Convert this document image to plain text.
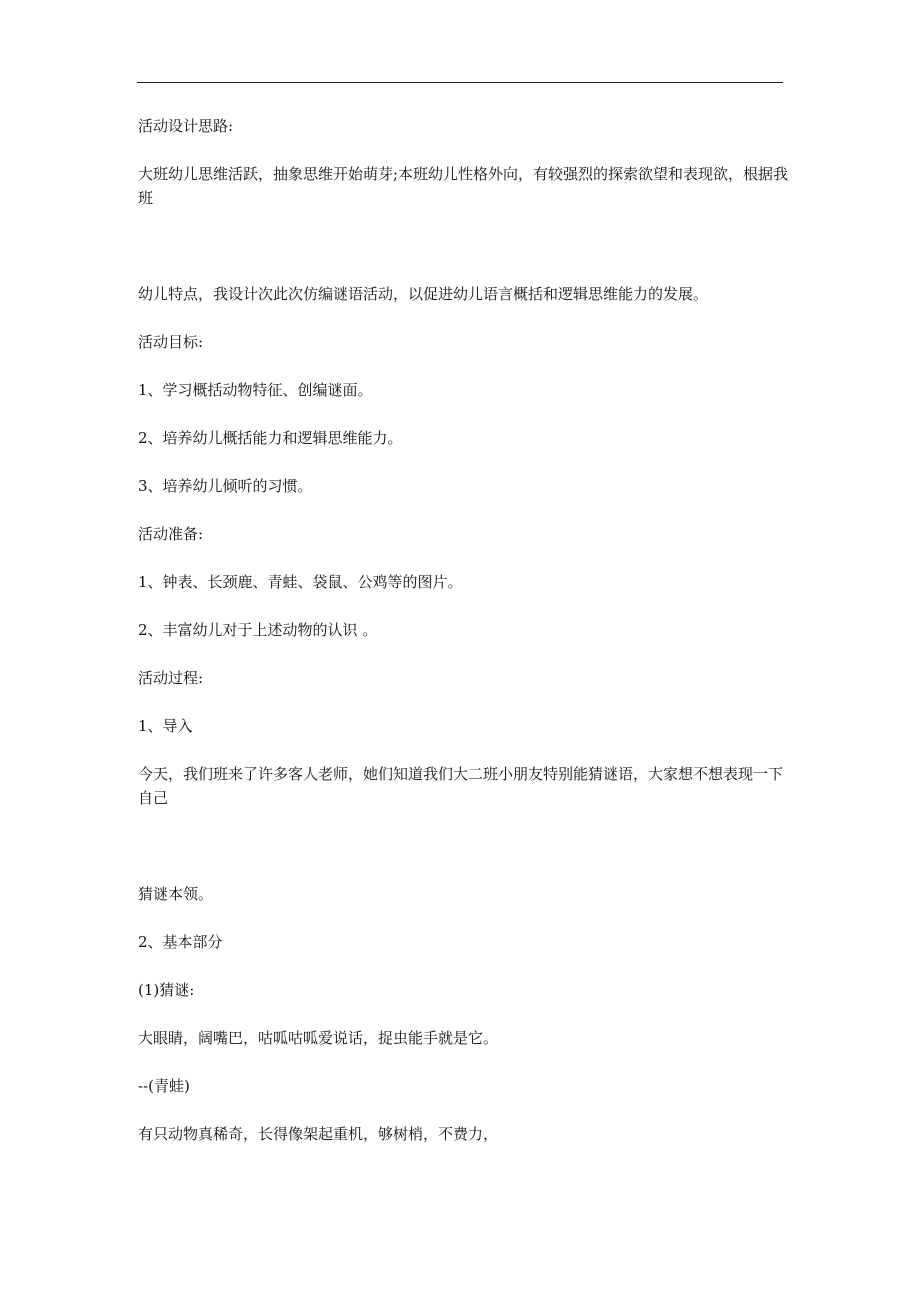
活动设计思路:

大班幼儿思维活跃，抽象思维开始萌芽;本班幼儿性格外向，有较强烈的探索欲望和表现欲，根据我班

幼儿特点，我设计次此次仿编谜语活动，以促进幼儿语言概括和逻辑思维能力的发展。

活动目标:

1、学习概括动物特征、创编谜面。

2、培养幼儿概括能力和逻辑思维能力。

3、培养幼儿倾听的习惯。

活动准备:

1、钟表、长颈鹿、青蛙、袋鼠、公鸡等的图片。

2、丰富幼儿对于上述动物的认识 。

活动过程:

1、导入

今天，我们班来了许多客人老师，她们知道我们大二班小朋友特别能猜谜语，大家想不想表现一下自己

猜谜本领。

2、基本部分

(1)猜谜:

大眼睛，阔嘴巴，咕呱咕呱爱说话，捉虫能手就是它。

--(青蛙)

有只动物真稀奇，长得像架起重机，够树梢，不费力，
